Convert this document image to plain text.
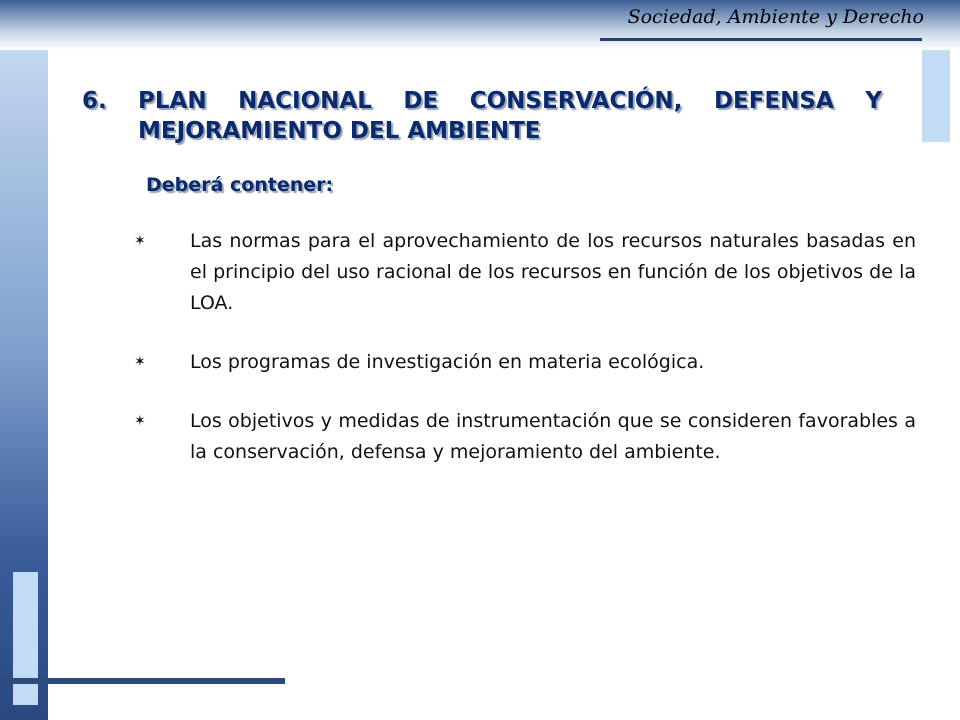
Sociedad, Ambiente y Derecho
6.	PLAN NACIONAL DE CONSERVACIÓN, DEFENSA Y MEJORAMIENTO DEL AMBIENTE
Deberá contener:
✶	Las normas para el aprovechamiento de los recursos naturales basadas en el principio del uso racional de los recursos en función de los objetivos de la LOA.
✶	Los programas de investigación en materia ecológica.
✶	Los objetivos y medidas de instrumentación que se consideren favorables a la conservación, defensa y mejoramiento del ambiente.
